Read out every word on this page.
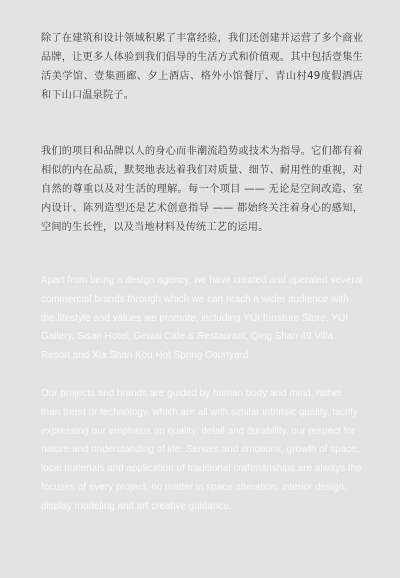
除了在建筑和设计领域积累了丰富经验，我们还创建并运营了多个商业品牌，让更多人体验到我们倡导的生活方式和价值观。其中包括壹集生活美学馆、壹集画廊、夕上酒店、格外小馆餐厅、青山村49度假酒店和下山口温泉院子。

我们的项目和品牌以人的身心而非潮流趋势或技术为指导。它们都有着相似的内在品质，默契地表达着我们对质量、细节、耐用性的重视，对自然的尊重以及对生活的理解。每一个项目 —— 无论是空间改造、室内设计、陈列造型还是艺术创意指导 —— 都始终关注着身心的感知，空间的生长性，以及当地材料及传统工艺的运用。

Apart from being a design agency, we have created and operated several commercial brands through which we can reach a wider audience with the lifestyle and values we promote, including YIJI furniture Store, YIJI Gallery, Sisan Hotel, Gewai Cafe & Restaurant, Qing Shan 49 Villa Resort and Xia Shan Kou Hot Spring Courtyard.

Our projects and brands are guided by human body and mind, rather than trend or technology, which are all with similar intrinsic quality, tacitly expressing our emphasis on quality, detail and durability, our respect for nature and understanding of life. Senses and emotions, growth of space, local materials and application of traditional craftmanships are always the focuses of every project, no matter in space alteration, interior design, display modeling and art creative guidance.
